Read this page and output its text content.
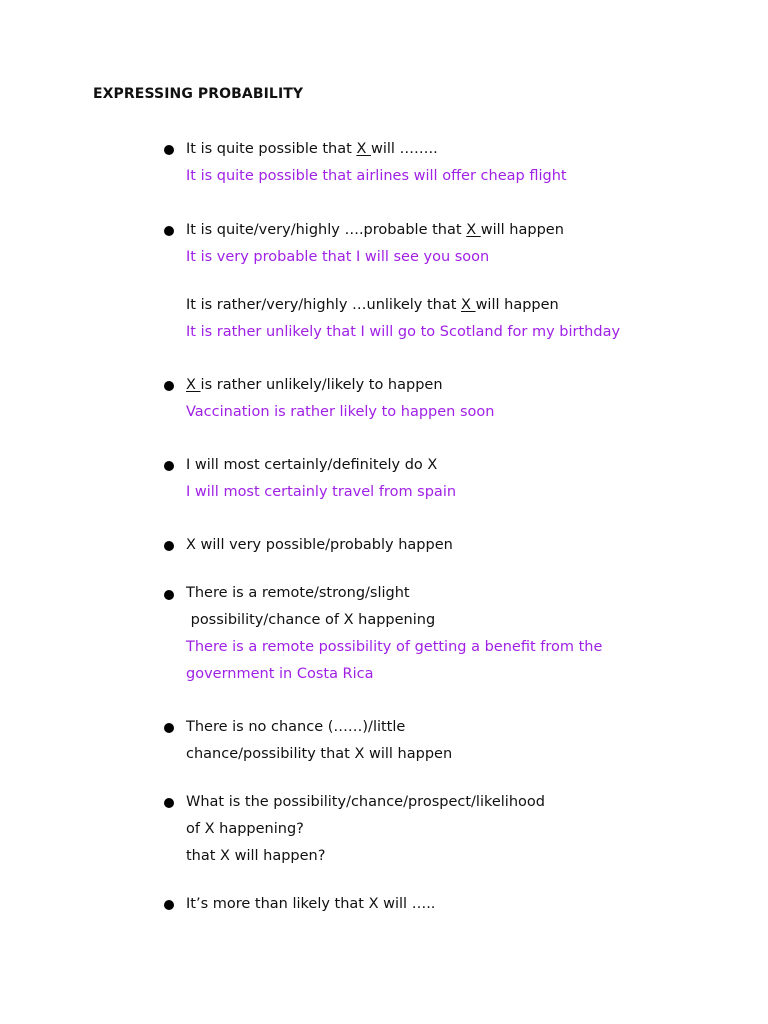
EXPRESSING PROBABILITY

It is quite possible that X will ……..

It is quite possible that airlines will offer cheap flight

It is quite/very/highly ….probable that X will happen

It is very probable that I will see you soon

It is rather/very/highly …unlikely that X will happen

It is rather unlikely that I will go to Scotland for my birthday

X is rather unlikely/likely to happen

Vaccination is rather likely to happen soon

I will most certainly/definitely do X

I will most certainly travel from spain

X will very possible/probably happen

There is a remote/strong/slight

possibility/chance of X happening

There is a remote possibility of getting a benefit from the

government in Costa Rica

There is no chance (……)/little

chance/possibility that X will happen

What is the possibility/chance/prospect/likelihood

of X happening?

that X will happen?

It’s more than likely that X will …..
